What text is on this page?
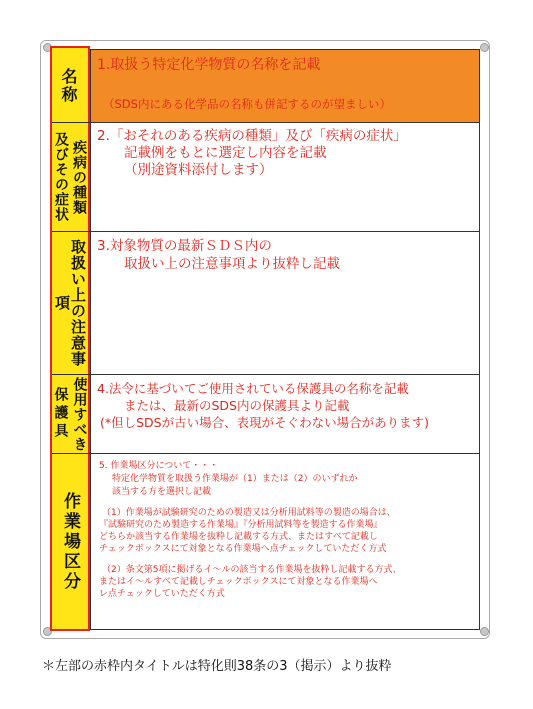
名称
疾病の種類
及びその症状
取扱い上の注意事項
使用すべき
保護具
作業場区分
1.取扱う特定化学物質の名称を記載
（SDS内にある化学品の名称も併記するのが望ましい）
2.「おそれのある疾病の種類」及び「疾病の症状」
記載例をもとに選定し内容を記載
（別途資料添付します）
3.対象物質の最新ＳＤＳ内の
取扱い上の注意事項より抜粋し記載
4.法令に基づいてご使用されている保護具の名称を記載
または、最新のSDS内の保護具より記載
(*但しSDSが古い場合、表現がそぐわない場合があります)
5. 作業場区分について・・・
特定化学物質を取扱う作業場が（1）または（2）のいずれか
該当する方を選択し記載
（1）作業場が試験研究のための製造又は分析用試料等の製造の場合は、
『試験研究のため製造する作業場』『分析用試料等を製造する作業場』
どちらか該当する作業場を抜粋し記載する方式、またはすべて記載し
チェックボックスにて対象となる作業場へ点チェックしていただく方式
（2）条文第5項に掲げるイ～ルの該当する作業場を抜粋し記載する方式、
またはイ～ルすべて記載しチェックボックスにて対象となる作業場へ
レ点チェックしていただく方式
＊左部の赤枠内タイトルは特化則38条の3（掲示）より抜粋
